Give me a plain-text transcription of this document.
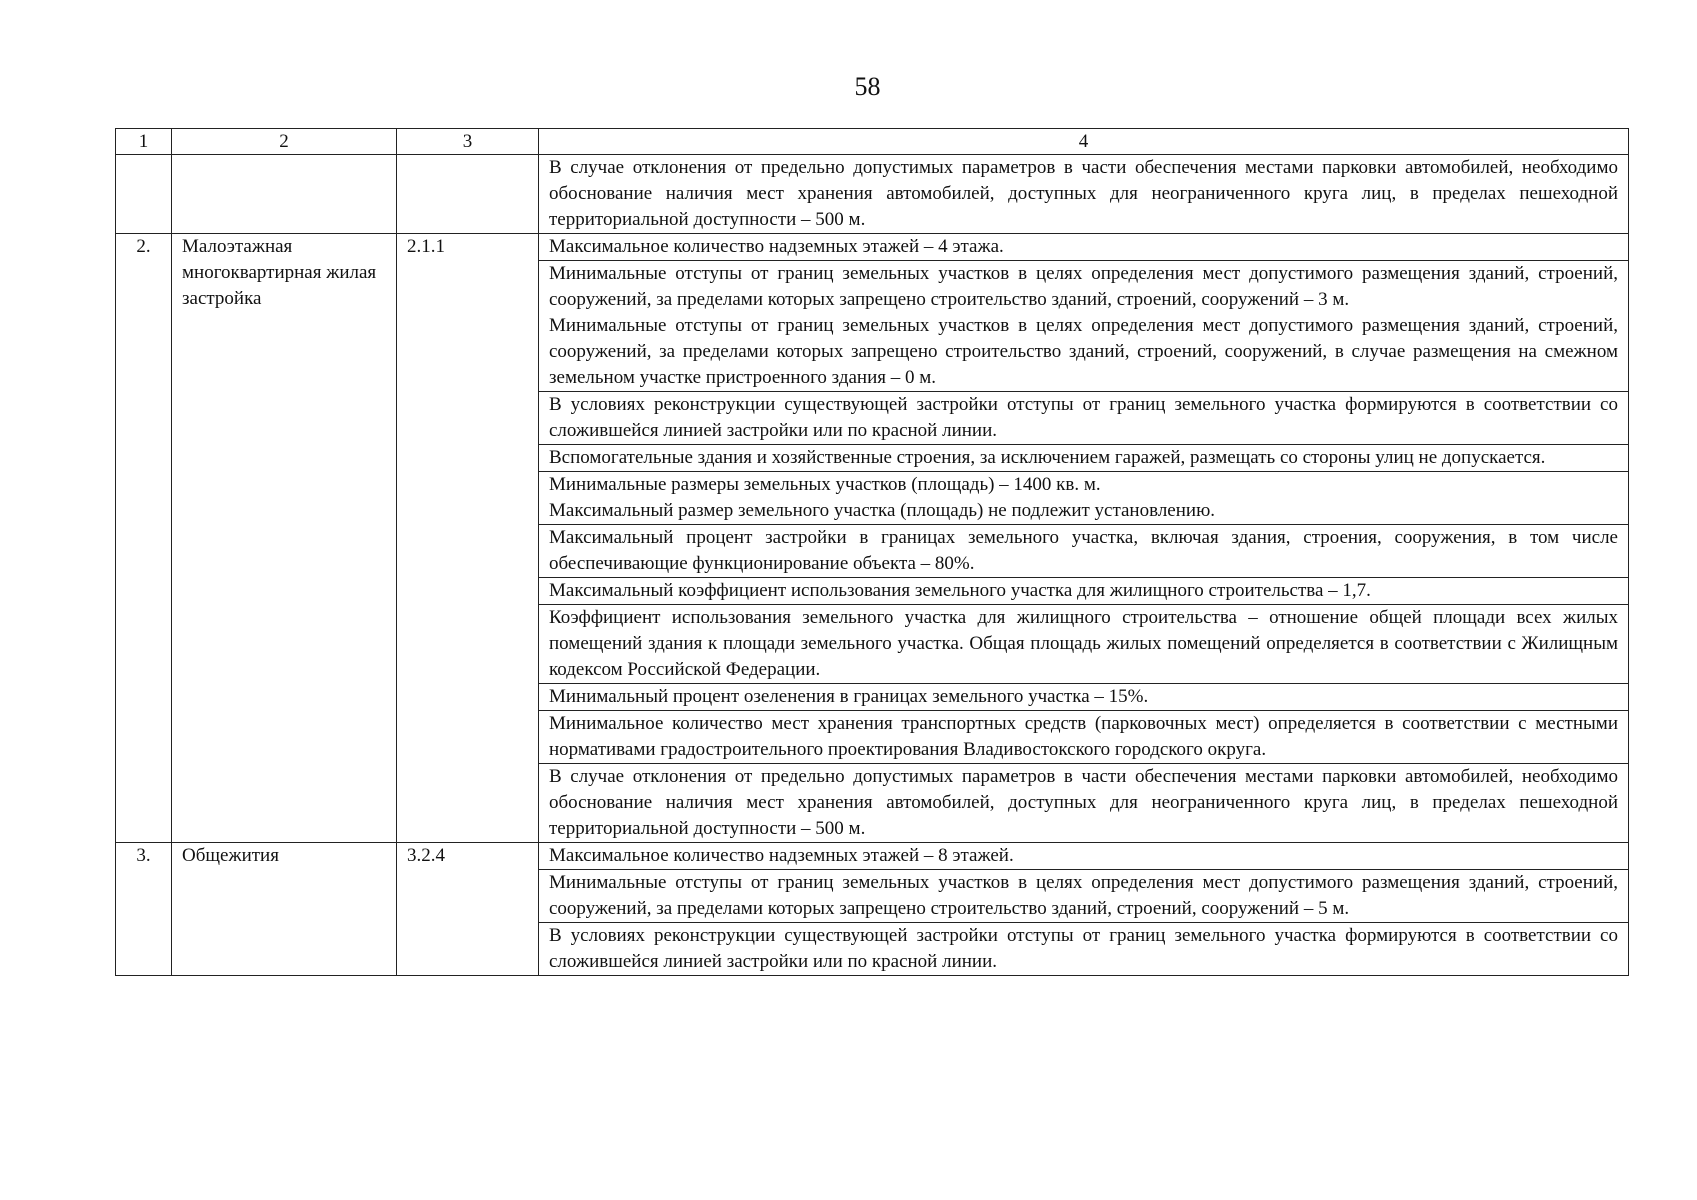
58
1	2	3	4

			В случае отклонения от предельно допустимых параметров в части обеспечения местами парковки автомобилей, необходимо обоснование наличия мест хранения автомобилей, доступных для неограниченного круга лиц, в пределах пешеходной территориальной доступности – 500 м.

2.	Малоэтажная многоквартирная жилая застройка	2.1.1	Максимальное количество надземных этажей – 4 этажа.

			Минимальные отступы от границ земельных участков в целях определения мест допустимого размещения зданий, строений, сооружений, за пределами которых запрещено строительство зданий, строений, сооружений – 3 м.
Минимальные отступы от границ земельных участков в целях определения мест допустимого размещения зданий, строений, сооружений, за пределами которых запрещено строительство зданий, строений, сооружений, в случае размещения на смежном земельном участке пристроенного здания – 0 м.

			В условиях реконструкции существующей застройки отступы от границ земельного участка формируются в соответствии со сложившейся линией застройки или по красной линии.

			Вспомогательные здания и хозяйственные строения, за исключением гаражей, размещать со стороны улиц не допускается.

			Минимальные размеры земельных участков (площадь) – 1400 кв. м.
Максимальный размер земельного участка (площадь) не подлежит установлению.

			Максимальный процент застройки в границах земельного участка, включая здания, строения, сооружения, в том числе обеспечивающие функционирование объекта – 80%.

			Максимальный коэффициент использования земельного участка для жилищного строительства – 1,7.

			Коэффициент использования земельного участка для жилищного строительства – отношение общей площади всех жилых помещений здания к площади земельного участка. Общая площадь жилых помещений определяется в соответствии с Жилищным кодексом Российской Федерации.

			Минимальный процент озеленения в границах земельного участка – 15%.

			Минимальное количество мест хранения транспортных средств (парковочных мест) определяется в соответствии с местными нормативами градостроительного проектирования Владивостокского городского округа.

			В случае отклонения от предельно допустимых параметров в части обеспечения местами парковки автомобилей, необходимо обоснование наличия мест хранения автомобилей, доступных для неограниченного круга лиц, в пределах пешеходной территориальной доступности – 500 м.

3.	Общежития	3.2.4	Максимальное количество надземных этажей – 8 этажей.

			Минимальные отступы от границ земельных участков в целях определения мест допустимого размещения зданий, строений, сооружений, за пределами которых запрещено строительство зданий, строений, сооружений – 5 м.

			В условиях реконструкции существующей застройки отступы от границ земельного участка формируются в соответствии со сложившейся линией застройки или по красной линии.
